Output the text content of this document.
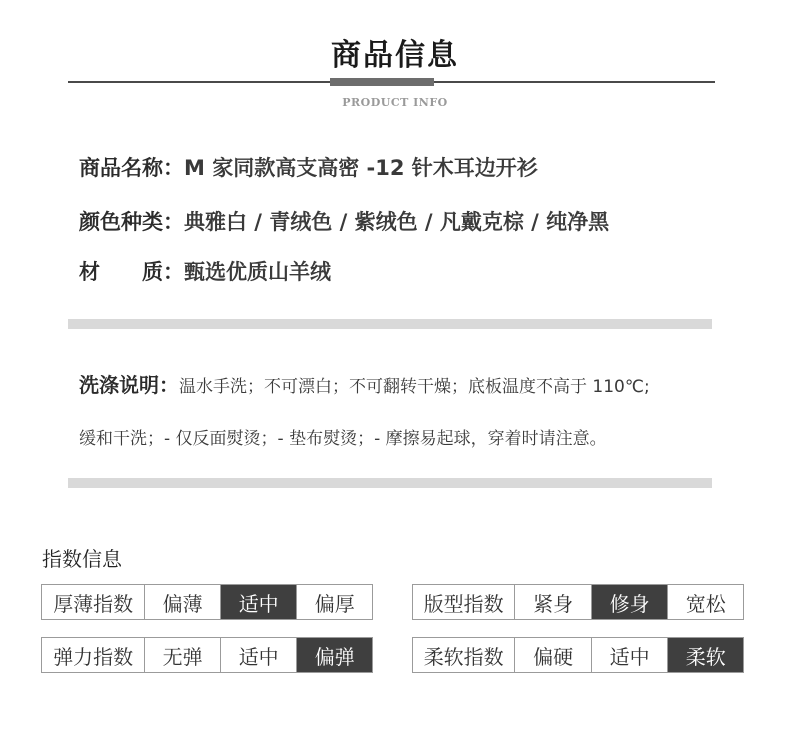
商品信息
PRODUCT INFO
商品名称：M 家同款高支高密 -12 针木耳边开衫
颜色种类：典雅白 / 青绒色 / 紫绒色 / 凡戴克棕 / 纯净黑
材　　质：甄选优质山羊绒
洗涤说明：温水手洗；不可漂白；不可翻转干燥；底板温度不高于 110℃;
缓和干洗；- 仅反面熨烫；- 垫布熨烫；- 摩擦易起球，穿着时请注意。
指数信息
厚薄指数	偏薄	适中	偏厚	版型指数	紧身	修身	宽松
弹力指数	无弹	适中	偏弹	柔软指数	偏硬	适中	柔软
